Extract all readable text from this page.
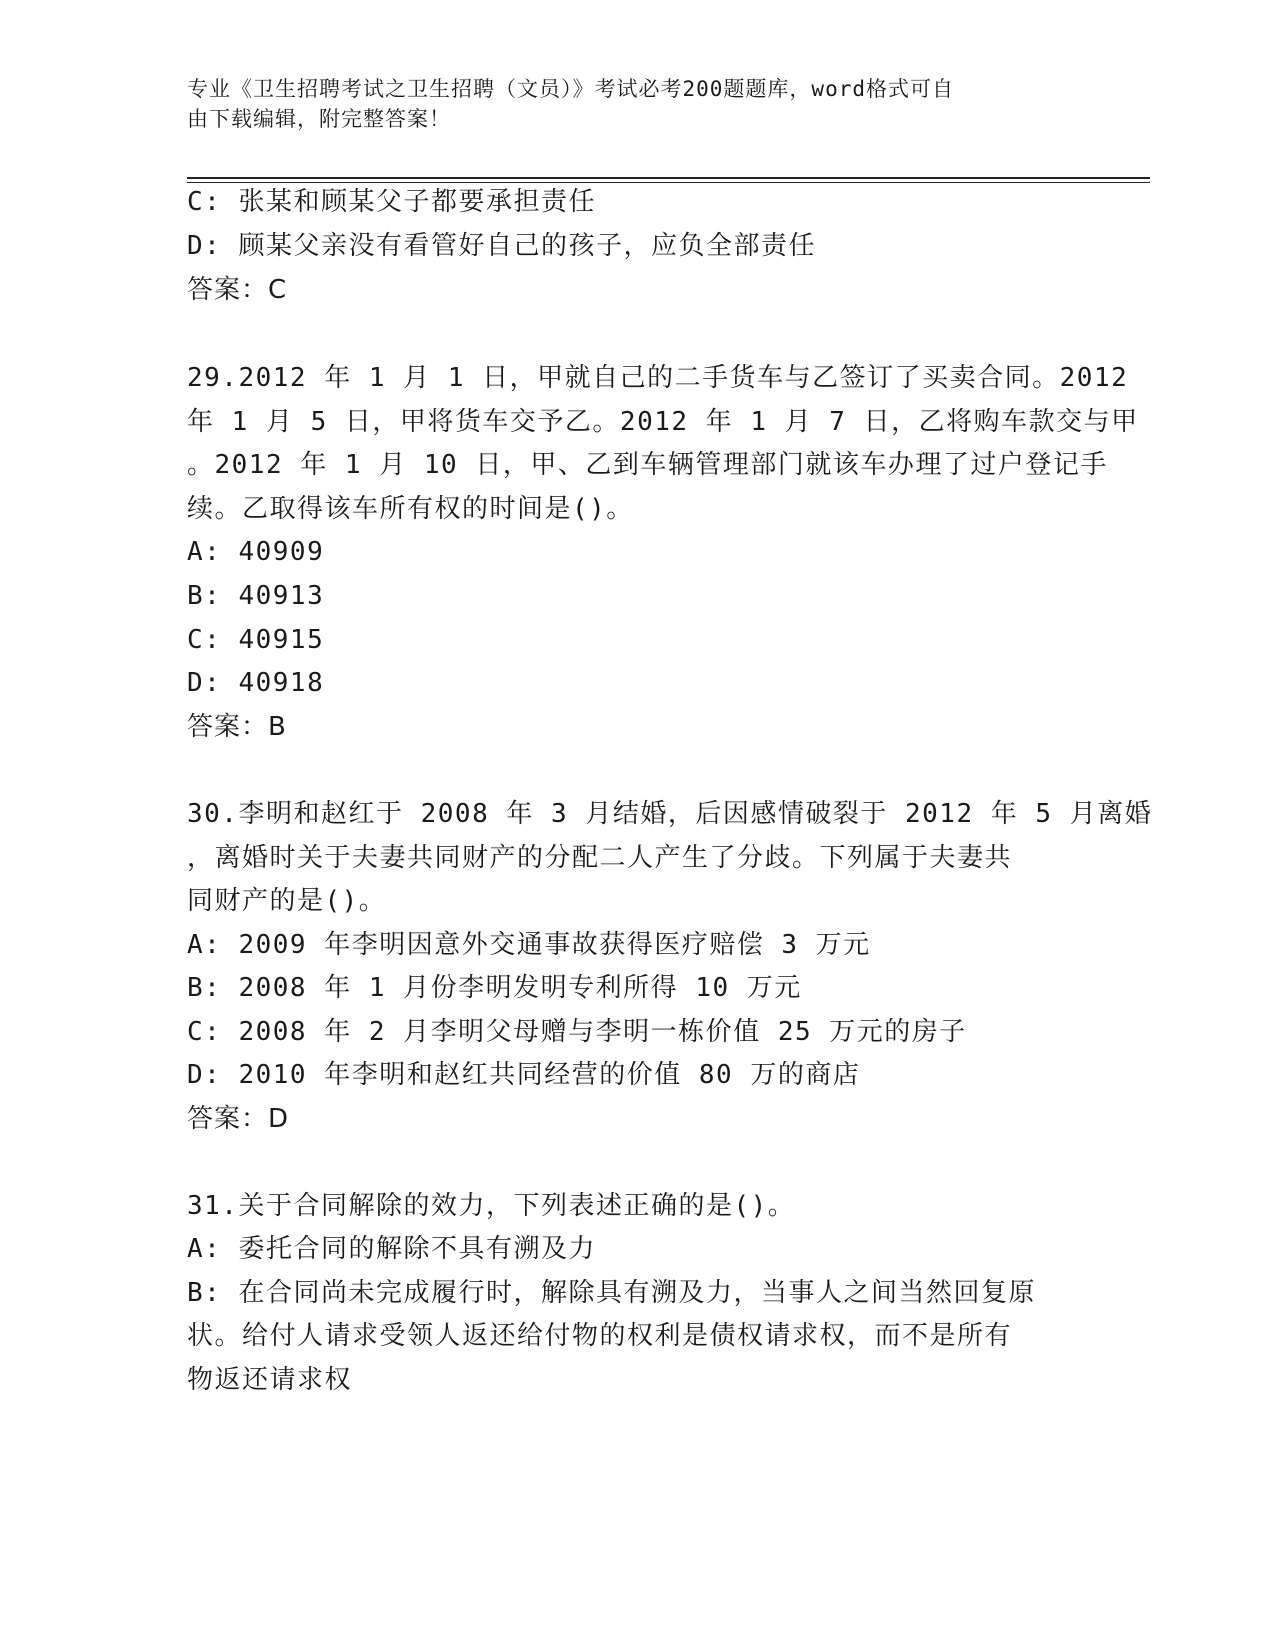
专业《卫生招聘考试之卫生招聘（文员）》考试必考200题题库，word格式可自
由下载编辑，附完整答案！
C: 张某和顾某父子都要承担责任
D: 顾某父亲没有看管好自己的孩子，应负全部责任
答案：C
29.2012 年 1 月 1 日，甲就自己的二手货车与乙签订了买卖合同。2012
年 1 月 5 日，甲将货车交予乙。2012 年 1 月 7 日，乙将购车款交与甲
。2012 年 1 月 10 日，甲、乙到车辆管理部门就该车办理了过户登记手
续。乙取得该车所有权的时间是()。
A: 40909
B: 40913
C: 40915
D: 40918
答案：B
30.李明和赵红于 2008 年 3 月结婚，后因感情破裂于 2012 年 5 月离婚
，离婚时关于夫妻共同财产的分配二人产生了分歧。下列属于夫妻共
同财产的是()。
A: 2009 年李明因意外交通事故获得医疗赔偿 3 万元
B: 2008 年 1 月份李明发明专利所得 10 万元
C: 2008 年 2 月李明父母赠与李明一栋价值 25 万元的房子
D: 2010 年李明和赵红共同经营的价值 80 万的商店
答案：D
31.关于合同解除的效力，下列表述正确的是()。
A: 委托合同的解除不具有溯及力
B: 在合同尚未完成履行时，解除具有溯及力，当事人之间当然回复原
状。给付人请求受领人返还给付物的权利是债权请求权，而不是所有
物返还请求权
